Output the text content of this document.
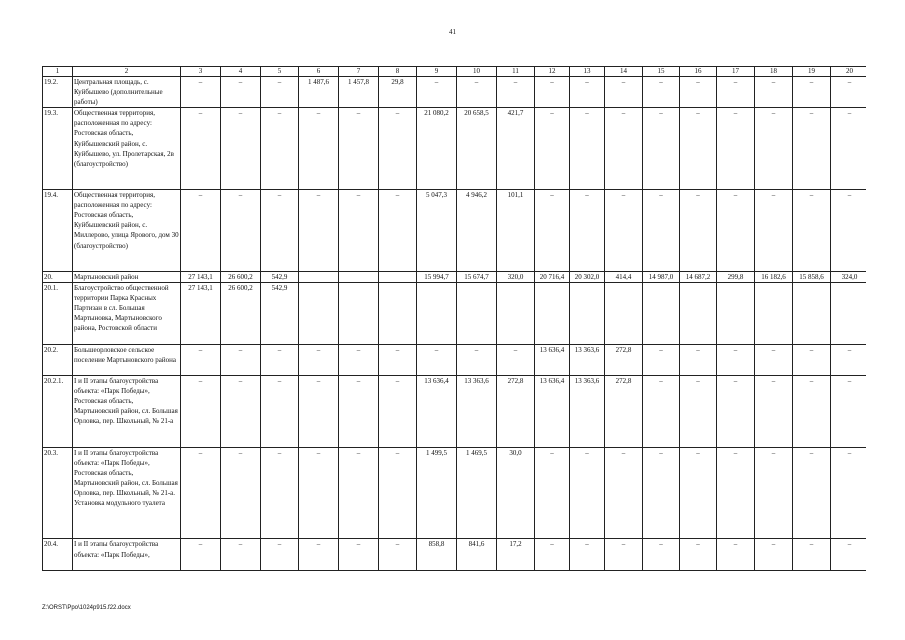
41
1	2	3	4	5	6	7	8	9	10	11	12	13	14	15	16	17	18	19	20
19.2.	Центральная площадь, с. Куйбышево (дополнительные работы)	–	–	–	1 487,6	1 457,8	29,8	–	–	–	–	–	–	–	–	–	–	–	–
19.3.	Общественная территория, расположенная по адресу: Ростовская область, Куйбышевский район, с. Куйбышево, ул. Пролетарская, 2в (благоустройство)	–	–	–	–	–	–	21 080,2	20 658,5	421,7	–	–	–	–	–	–	–	–	–
19.4.	Общественная территория, расположенная по адресу: Ростовская область, Куйбышевский район, с. Миллерово, улица Ярового, дом 30 (благоустройство)	–	–	–	–	–	–	5 047,3	4 946,2	101,1	–	–	–	–	–	–	–	–	–
20.	Мартыновский район	27 143,1	26 600,2	542,9				15 994,7	15 674,7	320,0	20 716,4	20 302,0	414,4	14 987,0	14 687,2	299,8	16 182,6	15 858,6	324,0
20.1.	Благоустройство общественной территории Парка Красных Партизан в сл. Большая Мартыновка, Мартыновского района, Ростовской области	27 143,1	26 600,2	542,9															
20.2.	Большеорловское сельское поселение Мартыновского района	–	–	–	–	–	–	–	–	–	13 636,4	13 363,6	272,8	–	–	–	–	–	–
20.2.1.	I и II этапы благоустройства объекта: «Парк Победы», Ростовская область, Мартыновский район, сл. Большая Орловка, пер. Школьный, № 21-а	–	–	–	–	–	–	13 636,4	13 363,6	272,8	13 636,4	13 363,6	272,8	–	–	–	–	–	–
20.3.	I и II этапы благоустройства объекта: «Парк Победы», Ростовская область, Мартыновский район, сл. Большая Орловка, пер. Школьный, № 21-а. Установка модульного туалета	–	–	–	–	–	–	1 499,5	1 469,5	30,0	–	–	–	–	–	–	–	–	–
20.4.	I и II этапы благоустройства объекта: «Парк Победы»,	–	–	–	–	–	–	858,8	841,6	17,2	–	–	–	–	–	–	–	–	–
Z:\ORST\Ppo\1024p915.f22.docx
